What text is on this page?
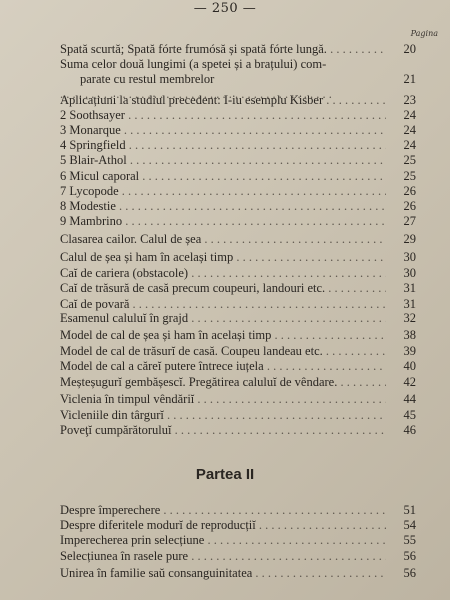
— 250 —
Pagina
Spată scurtă; Spată fórte frumósă și spată fórte lungă. . . .	20
Suma celor două lungimi (a spetei și a brațului) com-
parate cu restul membrelor
. . .	21
Aplicațiuni la studiul precedent: I-iu esemplu Kisber . . .	23
2 Soothsayer . . .	24
3 Monarque . . .	24
4 Springfield . . .	24
5 Blair-Athol . . .	25
6 Micul caporal . . .	25
7 Lycopode . . .	26
8 Modestie . . .	26
9 Mambrino . . .	27
Clasarea cailor. Calul de șea . . .	29
Calul de șea și ham în același timp . . .	30
Caĭ de cariera (obstacole) . . .	30
Caĭ de trăsură de casă precum coupeuri, landouri etc. . . .	31
Caĭ de povară . . .	31
Esamenul caluluĭ în grajd . . .	32
Model de cal de șea și ham în același timp . . .	38
Model de cal de trăsurĭ de casă. Coupeu landeau etc. . . .	39
Model de cal a căreĭ putere întrece iuțela . . .	40
Meșteșugurĭ gembășescĭ. Pregătirea caluluĭ de vêndare. . . .	42
Viclenia în timpul vêndăriĭ . . .	44
Vicleniile din târgurĭ . . .	45
Poveţĭ cumpărătoruluĭ . . .	46
Despre împerechere . . .	51
Despre diferitele modurĭ de reproducțiĭ . . .	54
Imperecherea prin selecțiune . . .	55
Selecțiunea în rasele pure . . .	56
Unirea în familie saŭ consanguinitatea . . .	56
Partea II
